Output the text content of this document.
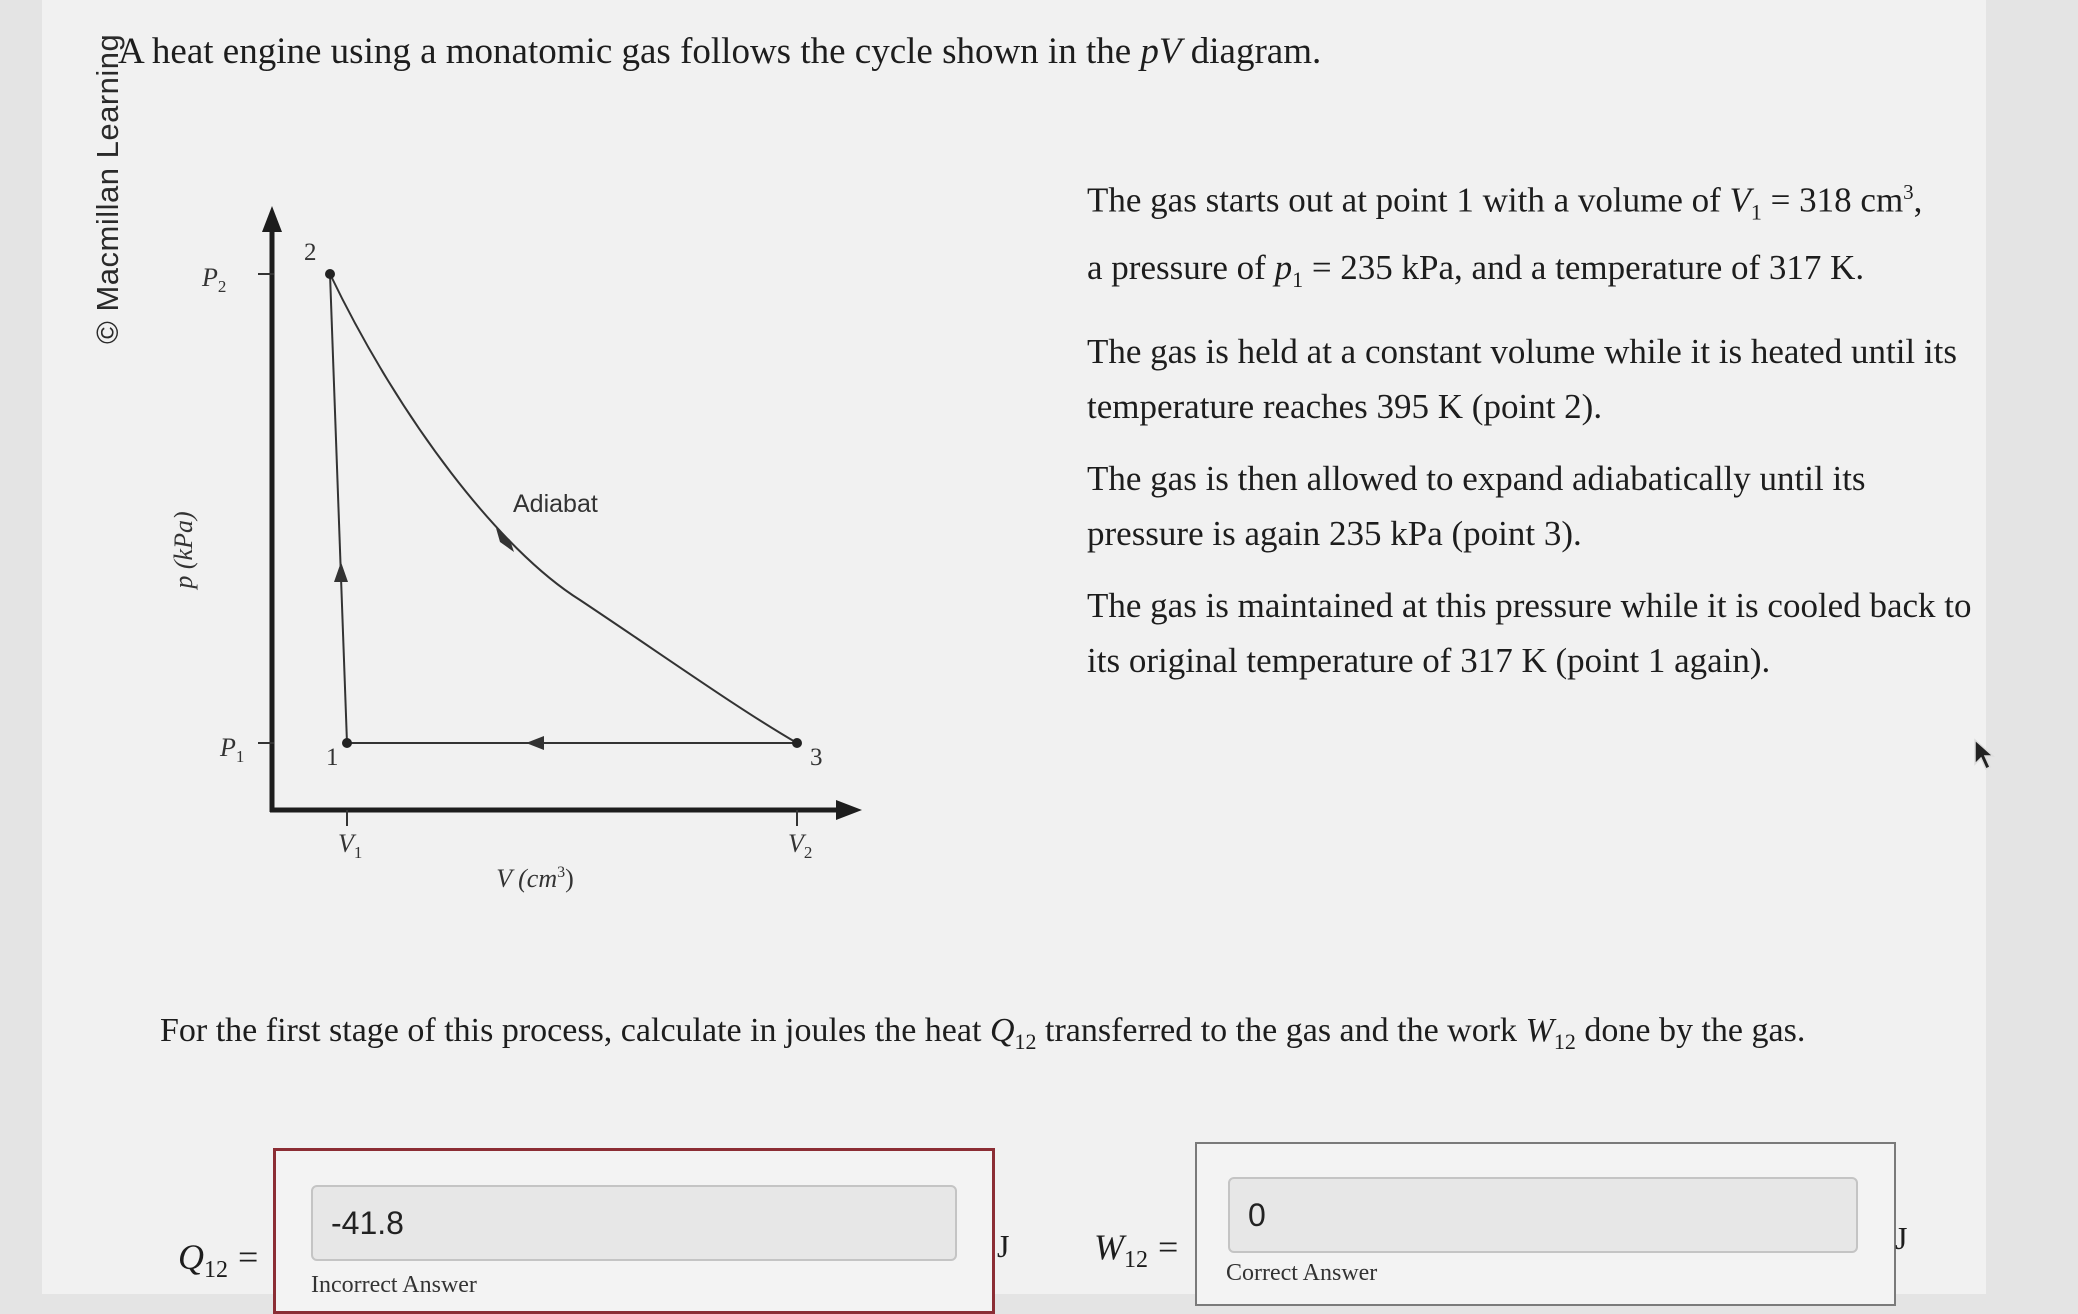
© Macmillan Learning
A heat engine using a monatomic gas follows the cycle shown in the pV diagram.
$P_2$
$P_1$
p (kPa)
V $(cm^3)$
$V_1$	$V_2$
1
2
3
Adiabat

The gas starts out at point 1 with a volume of $V_1 = 318$ $cm^3$,
a pressure of $p_1 = 235$ kPa, and a temperature of 317 K.

The gas is held at a constant volume while it is heated until its temperature reaches 395 K (point 2).

The gas is then allowed to expand adiabatically until its pressure is again 235 kPa (point 3).

The gas is maintained at this pressure while it is cooled back to its original temperature of 317 K (point 1 again).

For the first stage of this process, calculate in joules the heat $Q_{12}$ transferred to the gas and the work $W_{12}$ done by the gas.
$Q_{12}$ =
-41.8
Incorrect Answer
J $W_{12}$ =
0
Correct Answer
J
